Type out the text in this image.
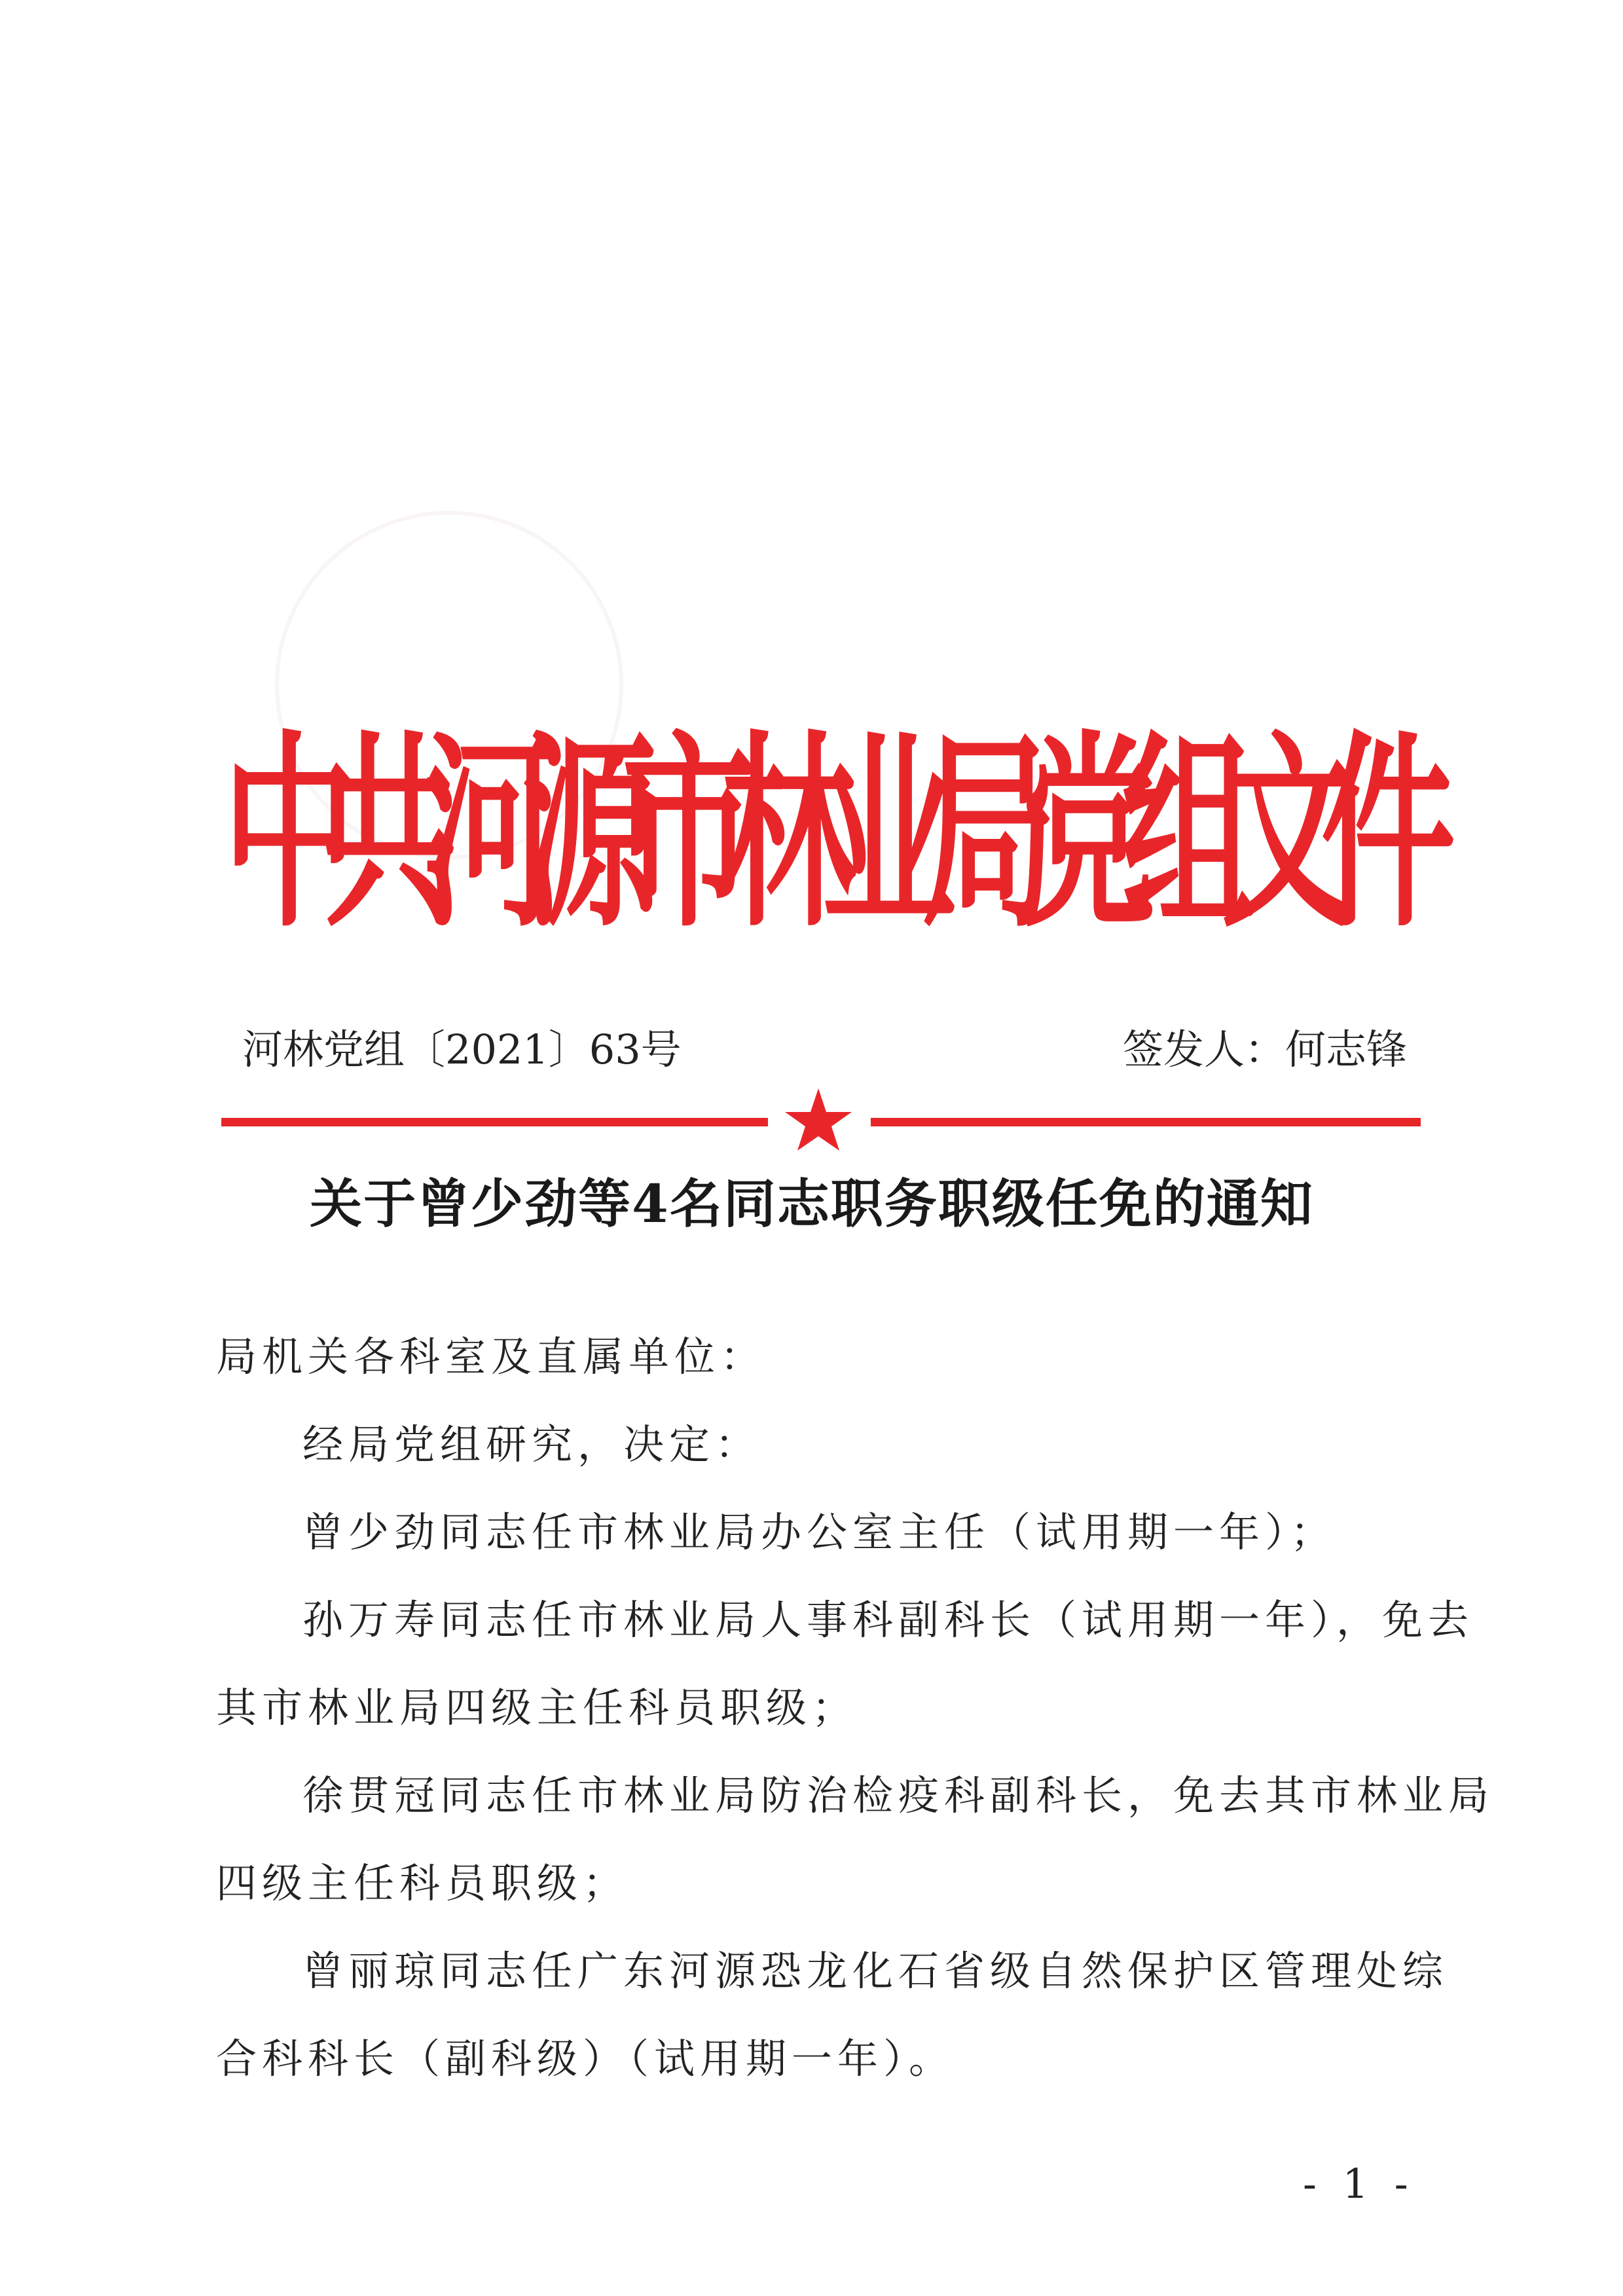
中
共
河
源
市
林
业
局
党
组
文
件
河林党组〔2021〕63号	签发人：何志锋
关于曾少劲等4名同志职务职级任免的通知

局机关各科室及直属单位：

经局党组研究，决定：

曾少劲同志任市林业局办公室主任（试用期一年）；

孙万寿同志任市林业局人事科副科长（试用期一年），免去

其市林业局四级主任科员职级；

徐贯冠同志任市林业局防治检疫科副科长，免去其市林业局

四级主任科员职级；

曾丽琼同志任广东河源恐龙化石省级自然保护区管理处综

合科科长（副科级）（试用期一年）。

- 1 -
